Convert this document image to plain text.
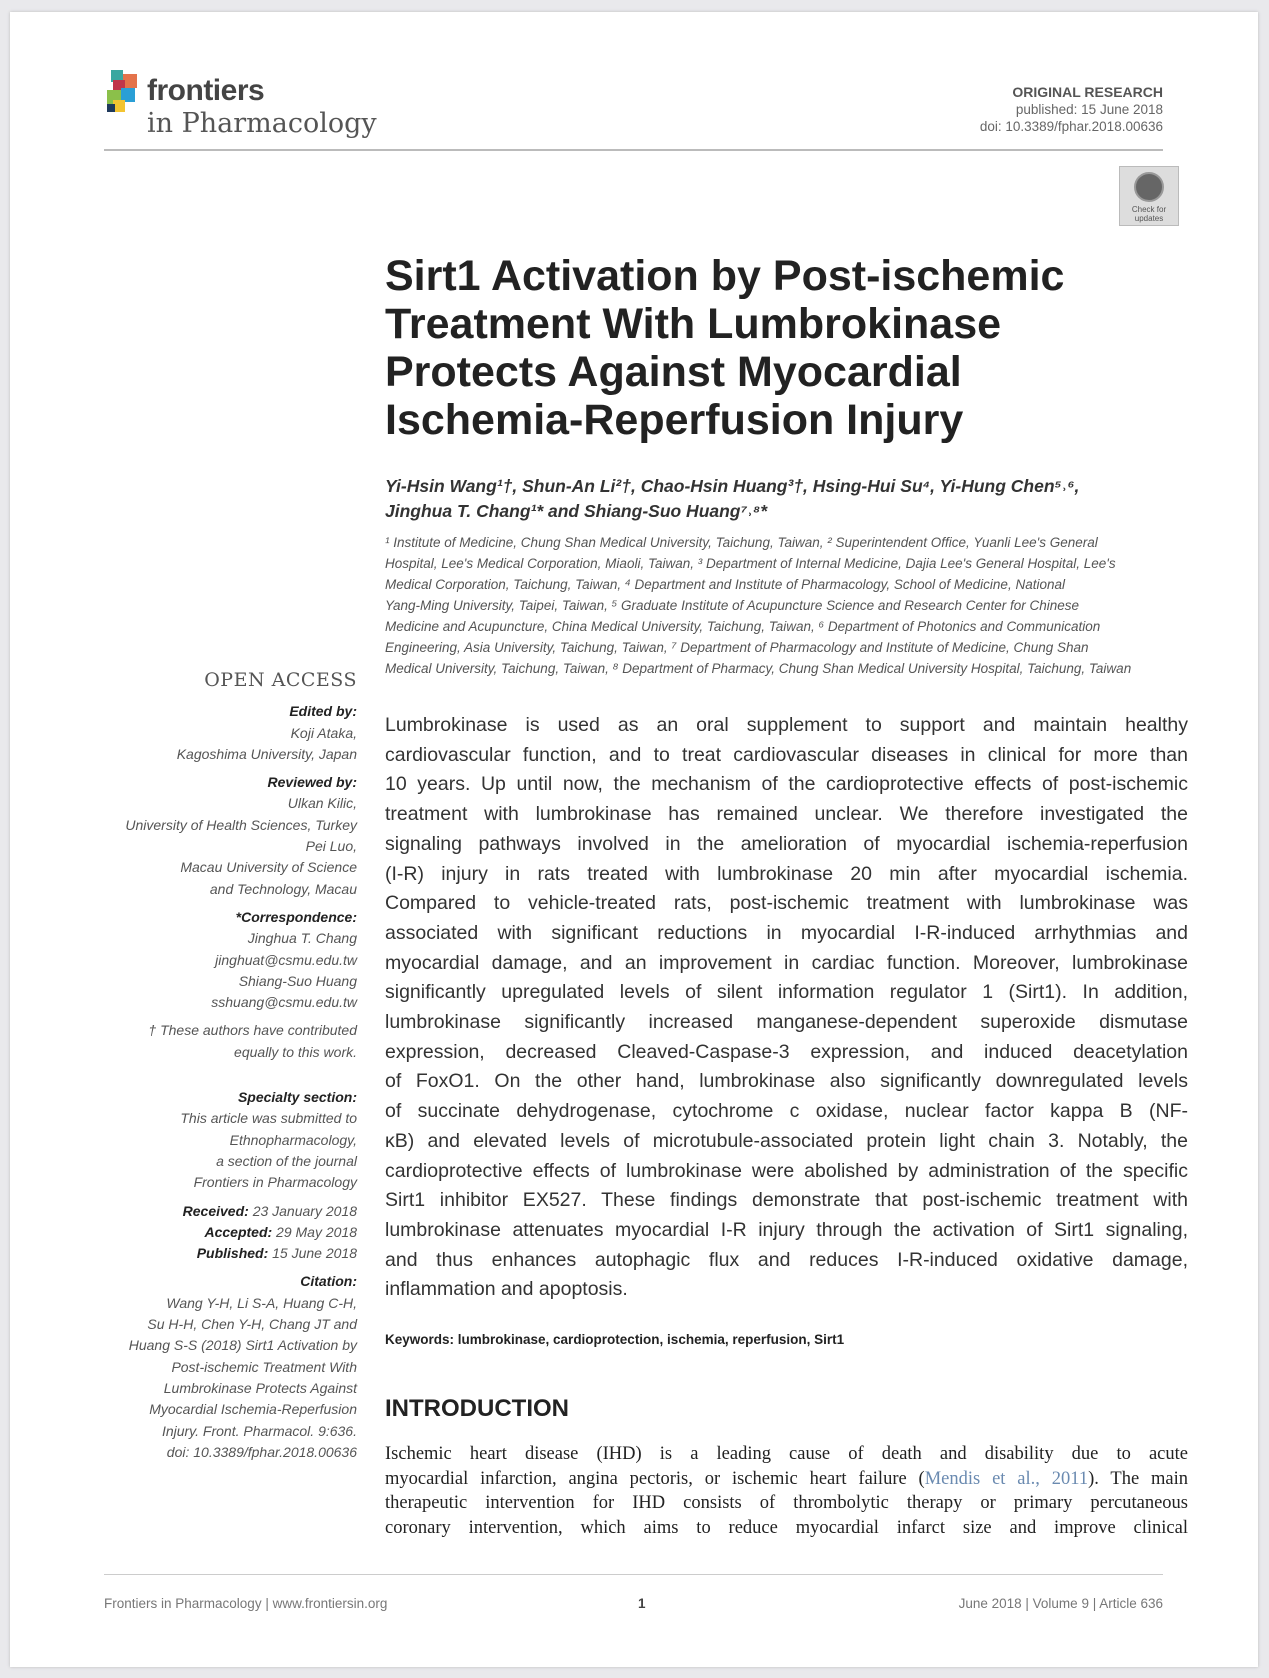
frontiers
in Pharmacology
ORIGINAL RESEARCH
published: 15 June 2018
doi: 10.3389/fphar.2018.00636
Check for updates
Sirt1 Activation by Post-ischemic
Treatment With Lumbrokinase
Protects Against Myocardial
Ischemia-Reperfusion Injury
Yi-Hsin Wang¹†, Shun-An Li²†, Chao-Hsin Huang³†, Hsing-Hui Su⁴, Yi-Hung Chen⁵˒⁶,
Jinghua T. Chang¹* and Shiang-Suo Huang⁷˒⁸*
¹ Institute of Medicine, Chung Shan Medical University, Taichung, Taiwan, ² Superintendent Office, Yuanli Lee's General
Hospital, Lee's Medical Corporation, Miaoli, Taiwan, ³ Department of Internal Medicine, Dajia Lee's General Hospital, Lee's
Medical Corporation, Taichung, Taiwan, ⁴ Department and Institute of Pharmacology, School of Medicine, National
Yang-Ming University, Taipei, Taiwan, ⁵ Graduate Institute of Acupuncture Science and Research Center for Chinese
Medicine and Acupuncture, China Medical University, Taichung, Taiwan, ⁶ Department of Photonics and Communication
Engineering, Asia University, Taichung, Taiwan, ⁷ Department of Pharmacology and Institute of Medicine, Chung Shan
Medical University, Taichung, Taiwan, ⁸ Department of Pharmacy, Chung Shan Medical University Hospital, Taichung, Taiwan
OPEN ACCESS
Edited by:
Koji Ataka,
Kagoshima University, Japan
Reviewed by:
Ulkan Kilic,
University of Health Sciences, Turkey
Pei Luo,
Macau University of Science
and Technology, Macau
*Correspondence:
Jinghua T. Chang
jinghuat@csmu.edu.tw
Shiang-Suo Huang
sshuang@csmu.edu.tw
† These authors have contributed
equally to this work.
Specialty section:
This article was submitted to
Ethnopharmacology,
a section of the journal
Frontiers in Pharmacology
Received: 23 January 2018
Accepted: 29 May 2018
Published: 15 June 2018
Citation:
Wang Y-H, Li S-A, Huang C-H,
Su H-H, Chen Y-H, Chang JT and
Huang S-S (2018) Sirt1 Activation by
Post-ischemic Treatment With
Lumbrokinase Protects Against
Myocardial Ischemia-Reperfusion
Injury. Front. Pharmacol. 9:636.
doi: 10.3389/fphar.2018.00636
Lumbrokinase is used as an oral supplement to support and maintain healthy
cardiovascular function, and to treat cardiovascular diseases in clinical for more than
10 years. Up until now, the mechanism of the cardioprotective effects of post-ischemic
treatment with lumbrokinase has remained unclear. We therefore investigated the
signaling pathways involved in the amelioration of myocardial ischemia-reperfusion
(I-R) injury in rats treated with lumbrokinase 20 min after myocardial ischemia.
Compared to vehicle-treated rats, post-ischemic treatment with lumbrokinase was
associated with significant reductions in myocardial I-R-induced arrhythmias and
myocardial damage, and an improvement in cardiac function. Moreover, lumbrokinase
significantly upregulated levels of silent information regulator 1 (Sirt1). In addition,
lumbrokinase significantly increased manganese-dependent superoxide dismutase
expression, decreased Cleaved-Caspase-3 expression, and induced deacetylation
of FoxO1. On the other hand, lumbrokinase also significantly downregulated levels
of succinate dehydrogenase, cytochrome c oxidase, nuclear factor kappa B (NF-
κB) and elevated levels of microtubule-associated protein light chain 3. Notably, the
cardioprotective effects of lumbrokinase were abolished by administration of the specific
Sirt1 inhibitor EX527. These findings demonstrate that post-ischemic treatment with
lumbrokinase attenuates myocardial I-R injury through the activation of Sirt1 signaling,
and thus enhances autophagic flux and reduces I-R-induced oxidative damage,
inflammation and apoptosis.
Keywords: lumbrokinase, cardioprotection, ischemia, reperfusion, Sirt1
INTRODUCTION
Ischemic heart disease (IHD) is a leading cause of death and disability due to acute
myocardial infarction, angina pectoris, or ischemic heart failure (Mendis et al., 2011). The main
therapeutic intervention for IHD consists of thrombolytic therapy or primary percutaneous
coronary intervention, which aims to reduce myocardial infarct size and improve clinical
Frontiers in Pharmacology | www.frontiersin.org	1	June 2018 | Volume 9 | Article 636
